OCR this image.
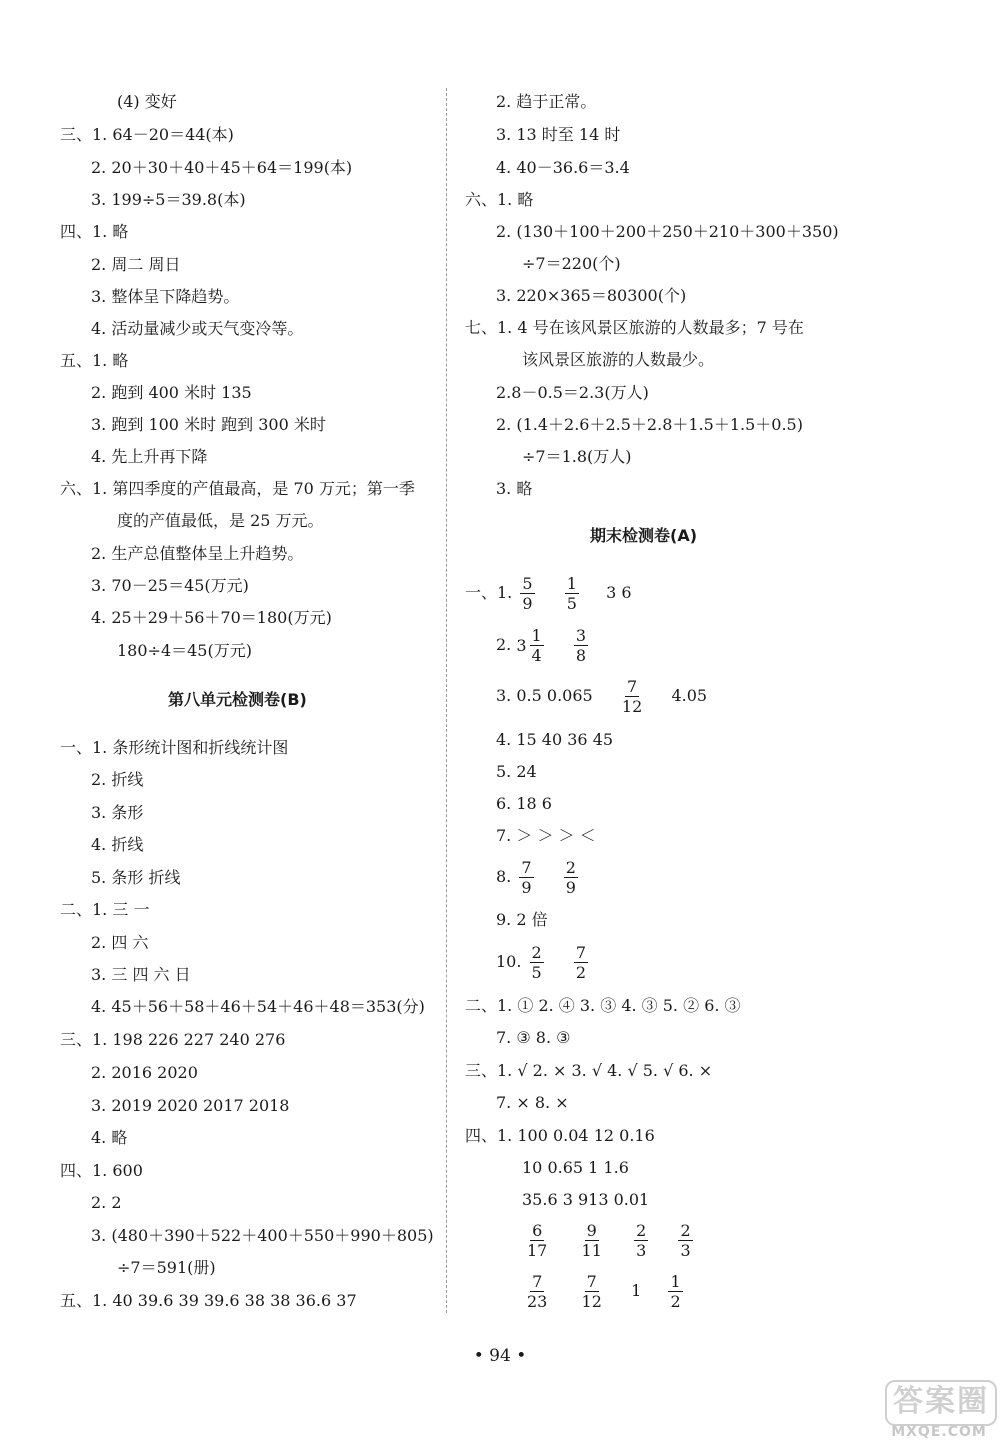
(4) 变好
三、1. 64－20＝44(本)
2. 20＋30＋40＋45＋64＝199(本)
3. 199÷5＝39.8(本)
四、1. 略
2. 周二 周日
3. 整体呈下降趋势。
4. 活动量减少或天气变冷等。
五、1. 略
2. 跑到 400 米时 135
3. 跑到 100 米时 跑到 300 米时
4. 先上升再下降
六、1. 第四季度的产值最高，是 70 万元；第一季
度的产值最低，是 25 万元。
2. 生产总值整体呈上升趋势。
3. 70－25＝45(万元)
4. 25＋29＋56＋70＝180(万元)
180÷4＝45(万元)
第八单元检测卷(B)
一、1. 条形统计图和折线统计图
2. 折线
3. 条形
4. 折线
5. 条形 折线
二、1. 三 一
2. 四 六
3. 三 四 六 日
4. 45＋56＋58＋46＋54＋46＋48＝353(分)
三、1. 198 226 227 240 276
2. 2016 2020
3. 2019 2020 2017 2018
4. 略
四、1. 600
2. 2
3. (480＋390＋522＋400＋550＋990＋805)
÷7＝591(册)
五、1. 40 39.6 39 39.6 38 38 36.6 37
2. 趋于正常。
3. 13 时至 14 时
4. 40－36.6＝3.4
六、1. 略
2. (130＋100＋200＋250＋210＋300＋350)
÷7＝220(个)
3. 220×365＝80300(个)
七、1. 4 号在该风景区旅游的人数最多；7 号在
该风景区旅游的人数最少。
2.8－0.5＝2.3(万人)
2. (1.4＋2.6＋2.5＋2.8＋1.5＋1.5＋0.5)
÷7＝1.8(万人)
3. 略
期末检测卷(A)
一、1. $\frac{5}{9}$
$\frac{1}{5} 3$ 6
2. $3 \frac{1}{4}$
$\frac{3}{8}$
3. 0.5 $0.065 \frac{7}{12} 4.05$
4. 15 40 36 45
5. 24
6. 18 6
7. ＞ ＞ ＞ ＜
8. $\frac{7}{9}$
$\frac{2}{9}$
9. 2 倍
10. $\frac{2}{5}$
$\frac{7}{2}$
二、1. ① 2. ④ 3. ③ 4. ③ 5. ② 6. ③
7. ③ 8. ③
三、1. √ 2. × 3. √ 4. √ 5. √ 6. ×
7. × 8. ×
四、1. 100 0.04 12 0.16
10 0.65 1 1.6
35.6 3 913 0.01
$\frac{6}{17}$
$\frac{9}{11}$
$\frac{2}{3}$
$\frac{2}{3}$
$\frac{7}{23}$
$\frac{7}{12} 1 \frac{1}{2}$
• 94 •
答案圈
MXQE.COM
